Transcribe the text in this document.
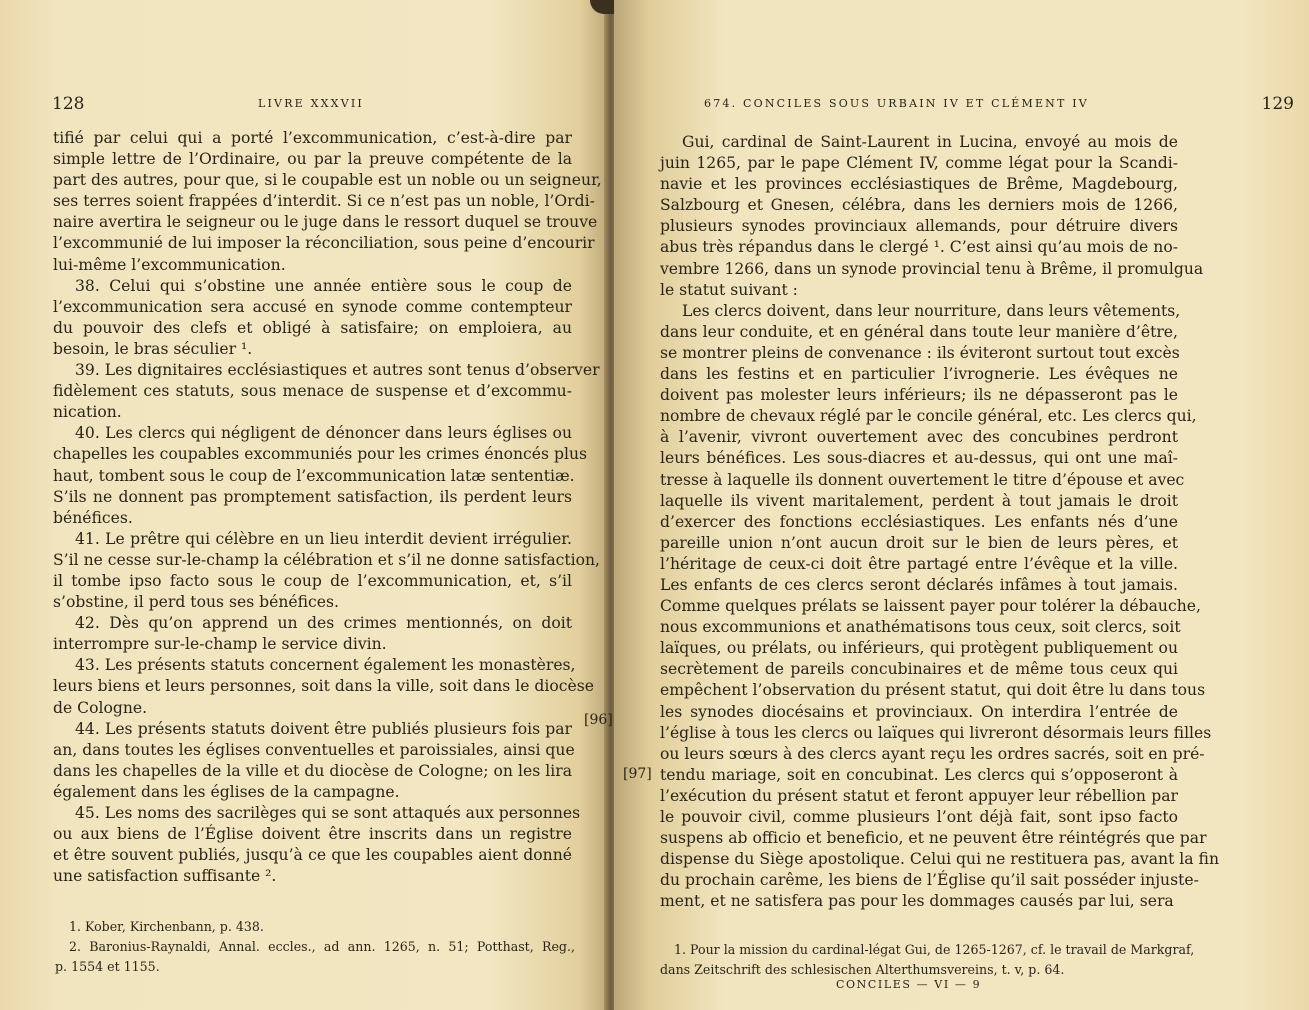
128	LIVRE XXXVII
tifié par celui qui a porté l’excommunication, c’est-à-dire par
simple lettre de l’Ordinaire, ou par la preuve compétente de la
part des autres, pour que, si le coupable est un noble ou un seigneur,
ses terres soient frappées d’interdit. Si ce n’est pas un noble, l’Ordi-
naire avertira le seigneur ou le juge dans le ressort duquel se trouve
l’excommunié de lui imposer la réconciliation, sous peine d’encourir
lui-même l’excommunication.
38. Celui qui s’obstine une année entière sous le coup de
l’excommunication sera accusé en synode comme contempteur
du pouvoir des clefs et obligé à satisfaire; on emploiera, au
besoin, le bras séculier ¹.
39. Les dignitaires ecclésiastiques et autres sont tenus d’observer
fidèlement ces statuts, sous menace de suspense et d’excommu-
nication.
40. Les clercs qui négligent de dénoncer dans leurs églises ou
chapelles les coupables excommuniés pour les crimes énoncés plus
haut, tombent sous le coup de l’excommunication latæ sententiæ.
S’ils ne donnent pas promptement satisfaction, ils perdent leurs
bénéfices.
41. Le prêtre qui célèbre en un lieu interdit devient irrégulier.
S’il ne cesse sur-le-champ la célébration et s’il ne donne satisfaction,
il tombe ipso facto sous le coup de l’excommunication, et, s’il
s’obstine, il perd tous ses bénéfices.
42. Dès qu’on apprend un des crimes mentionnés, on doit
interrompre sur-le-champ le service divin.
43. Les présents statuts concernent également les monastères,
leurs biens et leurs personnes, soit dans la ville, soit dans le diocèse
de Cologne.
44. Les présents statuts doivent être publiés plusieurs fois par
an, dans toutes les églises conventuelles et paroissiales, ainsi que
dans les chapelles de la ville et du diocèse de Cologne; on les lira
également dans les églises de la campagne.
45. Les noms des sacrilèges qui se sont attaqués aux personnes
ou aux biens de l’Église doivent être inscrits dans un registre
et être souvent publiés, jusqu’à ce que les coupables aient donné
une satisfaction suffisante ².
1. Kober, Kirchenbann, p. 438.
2. Baronius-Raynaldi, Annal. eccles., ad ann. 1265, n. 51; Potthast, Reg.,
p. 1554 et 1155.
674. CONCILES SOUS URBAIN IV ET CLÉMENT IV	129
Gui, cardinal de Saint-Laurent in Lucina, envoyé au mois de
juin 1265, par le pape Clément IV, comme légat pour la Scandi-
navie et les provinces ecclésiastiques de Brême, Magdebourg,
Salzbourg et Gnesen, célébra, dans les derniers mois de 1266,
plusieurs synodes provinciaux allemands, pour détruire divers
abus très répandus dans le clergé ¹. C’est ainsi qu’au mois de no-
vembre 1266, dans un synode provincial tenu à Brême, il promulgua
le statut suivant :
Les clercs doivent, dans leur nourriture, dans leurs vêtements,
dans leur conduite, et en général dans toute leur manière d’être,
se montrer pleins de convenance : ils éviteront surtout tout excès
dans les festins et en particulier l’ivrognerie. Les évêques ne
doivent pas molester leurs inférieurs; ils ne dépasseront pas le
nombre de chevaux réglé par le concile général, etc. Les clercs qui,
à l’avenir, vivront ouvertement avec des concubines perdront
leurs bénéfices. Les sous-diacres et au-dessus, qui ont une maî-
tresse à laquelle ils donnent ouvertement le titre d’épouse et avec
laquelle ils vivent maritalement, perdent à tout jamais le droit
d’exercer des fonctions ecclésiastiques. Les enfants nés d’une
pareille union n’ont aucun droit sur le bien de leurs pères, et
l’héritage de ceux-ci doit être partagé entre l’évêque et la ville.
Les enfants de ces clercs seront déclarés infâmes à tout jamais.
Comme quelques prélats se laissent payer pour tolérer la débauche,
nous excommunions et anathématisons tous ceux, soit clercs, soit
laïques, ou prélats, ou inférieurs, qui protègent publiquement ou
secrètement de pareils concubinaires et de même tous ceux qui
empêchent l’observation du présent statut, qui doit être lu dans tous
les synodes diocésains et provinciaux. On interdira l’entrée de
l’église à tous les clercs ou laïques qui livreront désormais leurs filles
ou leurs sœurs à des clercs ayant reçu les ordres sacrés, soit en pré-
tendu mariage, soit en concubinat. Les clercs qui s’opposeront à
l’exécution du présent statut et feront appuyer leur rébellion par
le pouvoir civil, comme plusieurs l’ont déjà fait, sont ipso facto
suspens ab officio et beneficio, et ne peuvent être réintégrés que par
dispense du Siège apostolique. Celui qui ne restituera pas, avant la fin
du prochain carême, les biens de l’Église qu’il sait posséder injuste-
ment, et ne satisfera pas pour les dommages causés par lui, sera
1. Pour la mission du cardinal-légat Gui, de 1265-1267, cf. le travail de Markgraf,
dans Zeitschrift des schlesischen Alterthumsvereins, t. v, p. 64.
CONCILES — VI — 9
[96]
[97]
